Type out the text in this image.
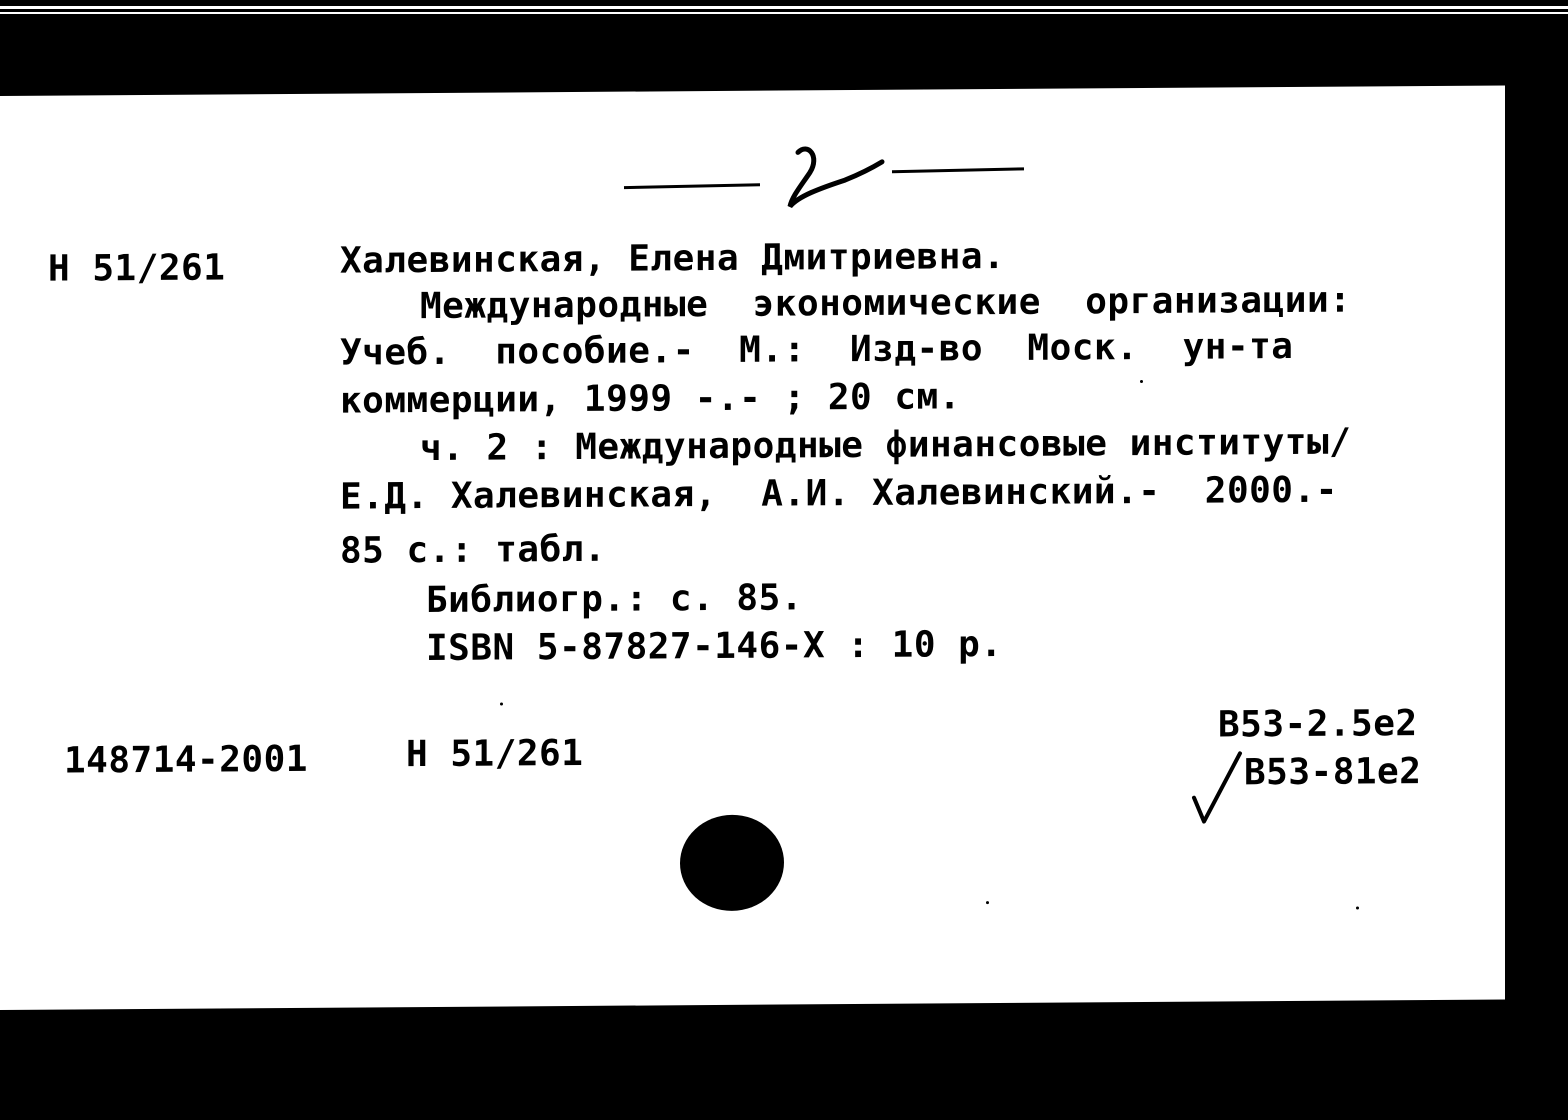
Н 51/261	Халевинская, Елена Дмитриевна.
Международные  экономические  организации:
Учеб.  пособие.-  М.:  Изд-во  Моск.  ун-та
коммерции, 1999 -.- ; 20 см.
ч. 2 : Международные финансовые институты/
Е.Д. Халевинская,  А.И. Халевинский.-  2000.-
85 с.: табл.
Библиогр.: с. 85.
ISBN 5-87827-146-X : 10 р.
148714-2001	Н 51/261
В53-2.5е2
В53-81е2
